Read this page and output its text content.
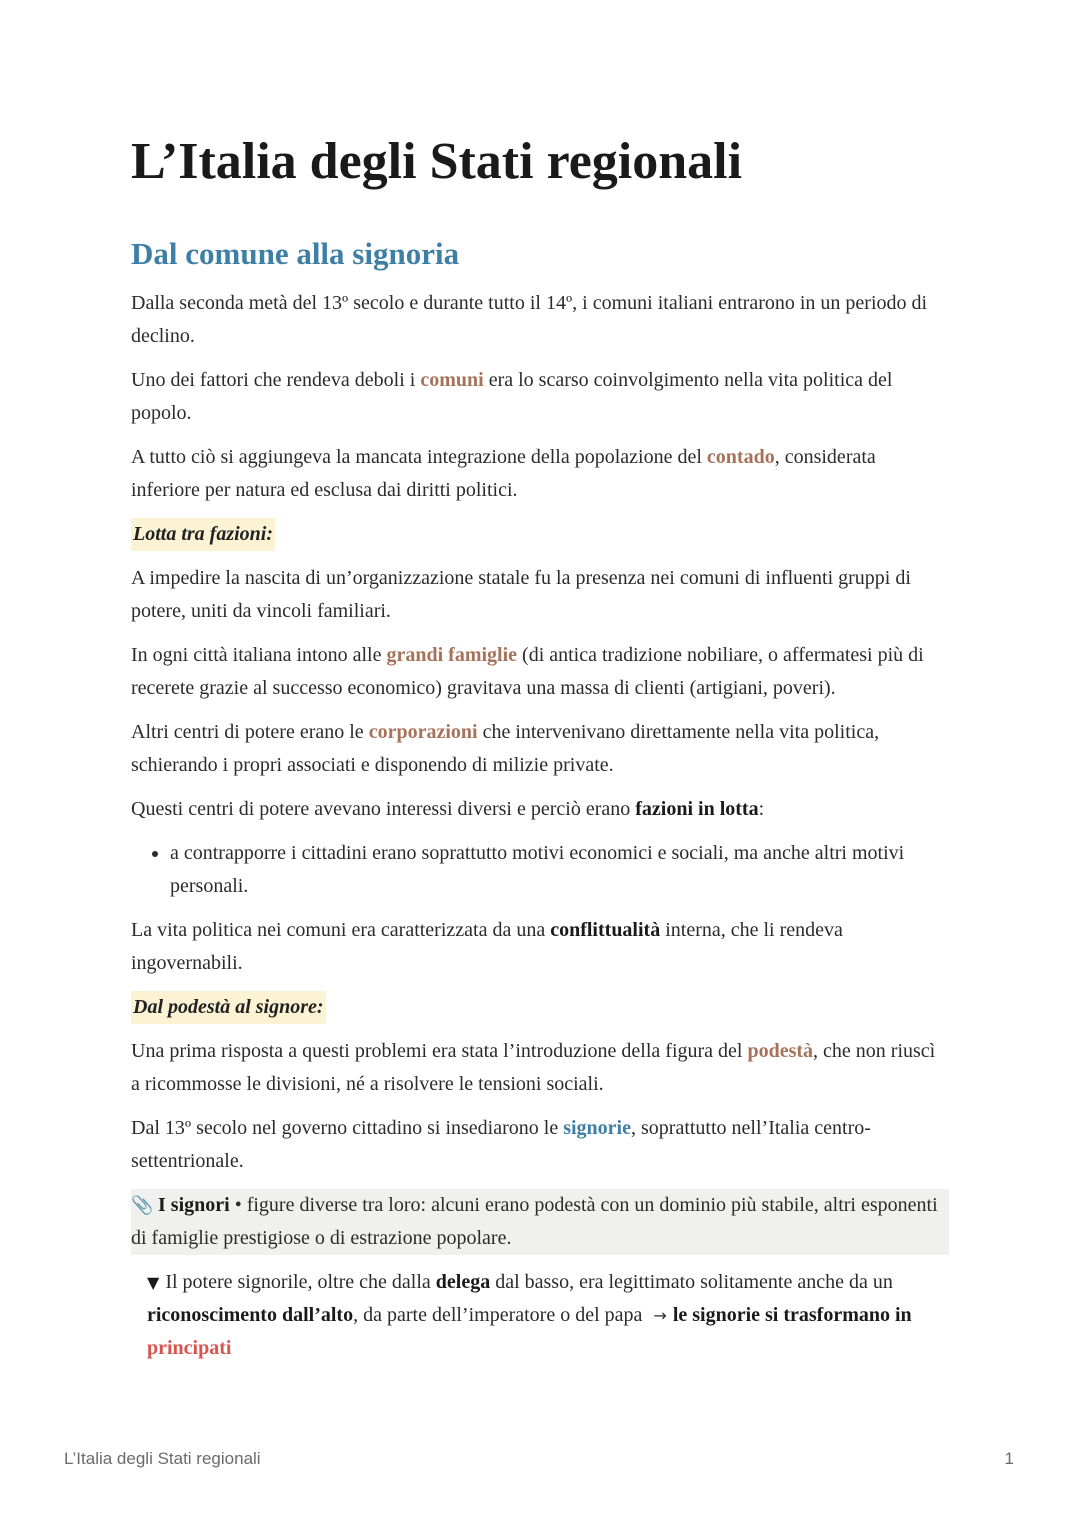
L’Italia degli Stati regionali
Dal comune alla signoria

Dalla seconda metà del 13º secolo e durante tutto il 14º, i comuni italiani entrarono in un periodo di declino.

Uno dei fattori che rendeva deboli i comuni era lo scarso coinvolgimento nella vita politica del popolo.

A tutto ciò si aggiungeva la mancata integrazione della popolazione del contado, considerata inferiore per natura ed esclusa dai diritti politici.

Lotta tra fazioni:

A impedire la nascita di un’organizzazione statale fu la presenza nei comuni di influenti gruppi di potere, uniti da vincoli familiari.

In ogni città italiana intono alle grandi famiglie (di antica tradizione nobiliare, o affermatesi più di recerete grazie al successo economico) gravitava una massa di clienti (artigiani, poveri).

Altri centri di potere erano le corporazioni che intervenivano direttamente nella vita politica, schierando i propri associati e disponendo di milizie private.

Questi centri di potere avevano interessi diversi e perciò erano fazioni in lotta:

• a contrapporre i cittadini erano soprattutto motivi economici e sociali, ma anche altri motivi personali.

La vita politica nei comuni era caratterizzata da una conflittualità interna, che li rendeva ingovernabili.

Dal podestà al signore:

Una prima risposta a questi problemi era stata l’introduzione della figura del podestà, che non riuscì a ricommosse le divisioni, né a risolvere le tensioni sociali.

Dal 13º secolo nel governo cittadino si insediarono le signorie, soprattutto nell’Italia centro-settentrionale.

📎 I signori • figure diverse tra loro: alcuni erano podestà con un dominio più stabile, altri esponenti di famiglie prestigiose o di estrazione popolare.
▼ Il potere signorile, oltre che dalla delega dal basso, era legittimato solitamente anche da un riconoscimento dall’alto, da parte dell’imperatore o del papa → le signorie si trasformano in principati
L’Italia degli Stati regionali	1
